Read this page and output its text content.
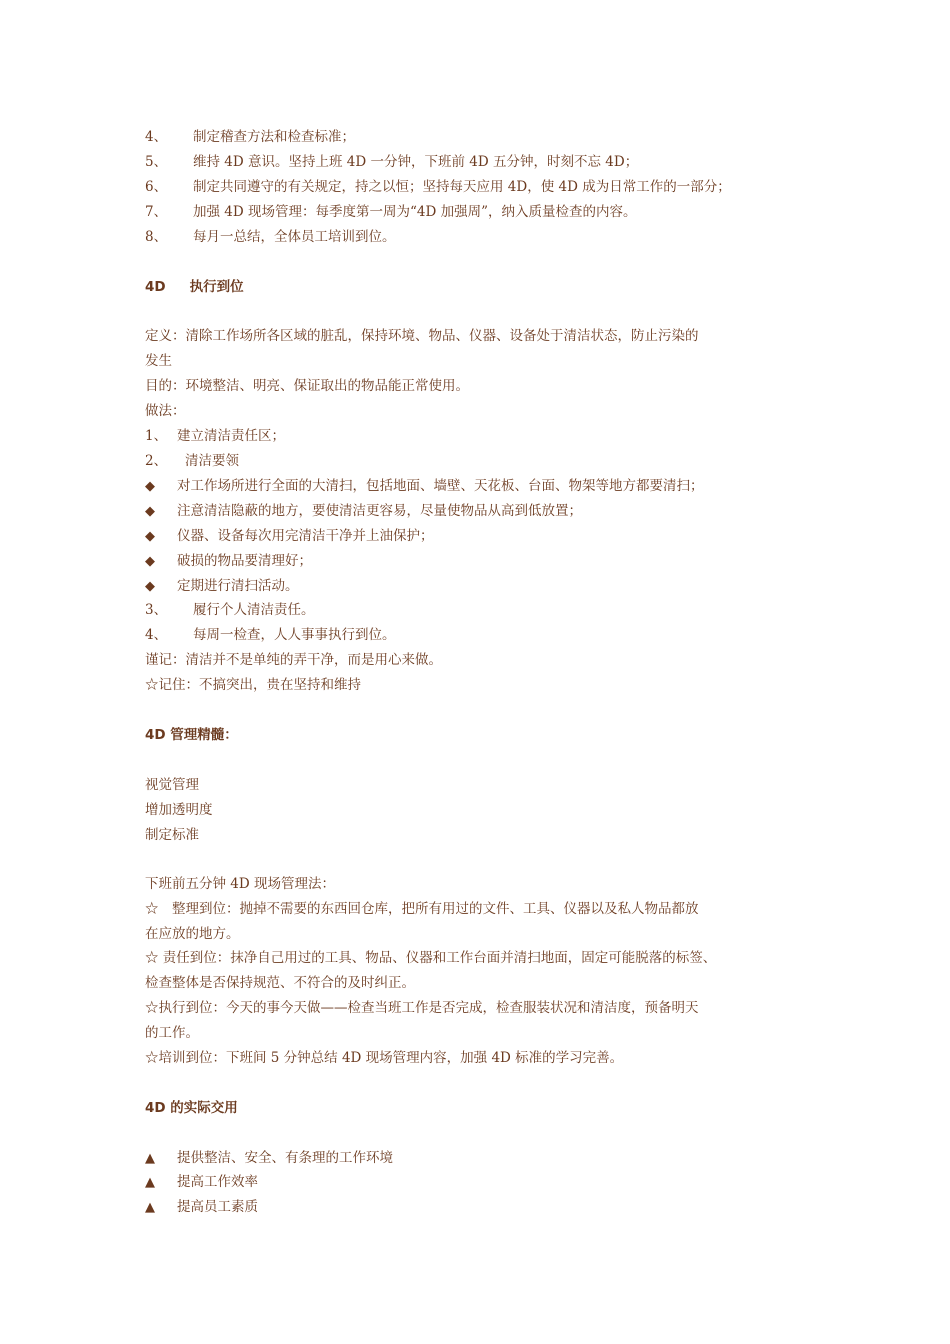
4、 制定稽查方法和检查标准；
5、 维持 4D 意识。坚持上班 4D 一分钟，下班前 4D 五分钟，时刻不忘 4D；
6、 制定共同遵守的有关规定，持之以恒；坚持每天应用 4D，使 4D 成为日常工作的一部分；
7、 加强 4D 现场管理：每季度第一周为“4D 加强周”，纳入质量检查的内容。
8、 每月一总结，全体员工培训到位。
4D 执行到位
定义：清除工作场所各区域的脏乱，保持环境、物品、仪器、设备处于清洁状态，防止污染的
发生
目的：环境整洁、明亮、保证取出的物品能正常使用。
做法：
1、 建立清洁责任区；
2、 清洁要领
◆ 对工作场所进行全面的大清扫，包括地面、墙壁、天花板、台面、物架等地方都要清扫；
◆ 注意清洁隐蔽的地方，要使清洁更容易，尽量使物品从高到低放置；
◆ 仪器、设备每次用完清洁干净并上油保护；
◆ 破损的物品要清理好；
◆ 定期进行清扫活动。
3、 履行个人清洁责任。
4、 每周一检查，人人事事执行到位。
谨记：清洁并不是单纯的弄干净，而是用心来做。
☆记住：不搞突出，贵在坚持和维持
4D 管理精髓：
视觉管理
增加透明度
制定标准
下班前五分钟 4D 现场管理法：
☆　整理到位：抛掉不需要的东西回仓库，把所有用过的文件、工具、仪器以及私人物品都放
在应放的地方。
☆ 责任到位：抹净自己用过的工具、物品、仪器和工作台面并清扫地面，固定可能脱落的标签、
检查整体是否保持规范、不符合的及时纠正。
☆执行到位：今天的事今天做——检查当班工作是否完成，检查服装状况和清洁度，预备明天
的工作。
☆培训到位：下班间 5 分钟总结 4D 现场管理内容，加强 4D 标准的学习完善。
4D 的实际交用
▲ 提供整洁、安全、有条理的工作环境
▲ 提高工作效率
▲ 提高员工素质
